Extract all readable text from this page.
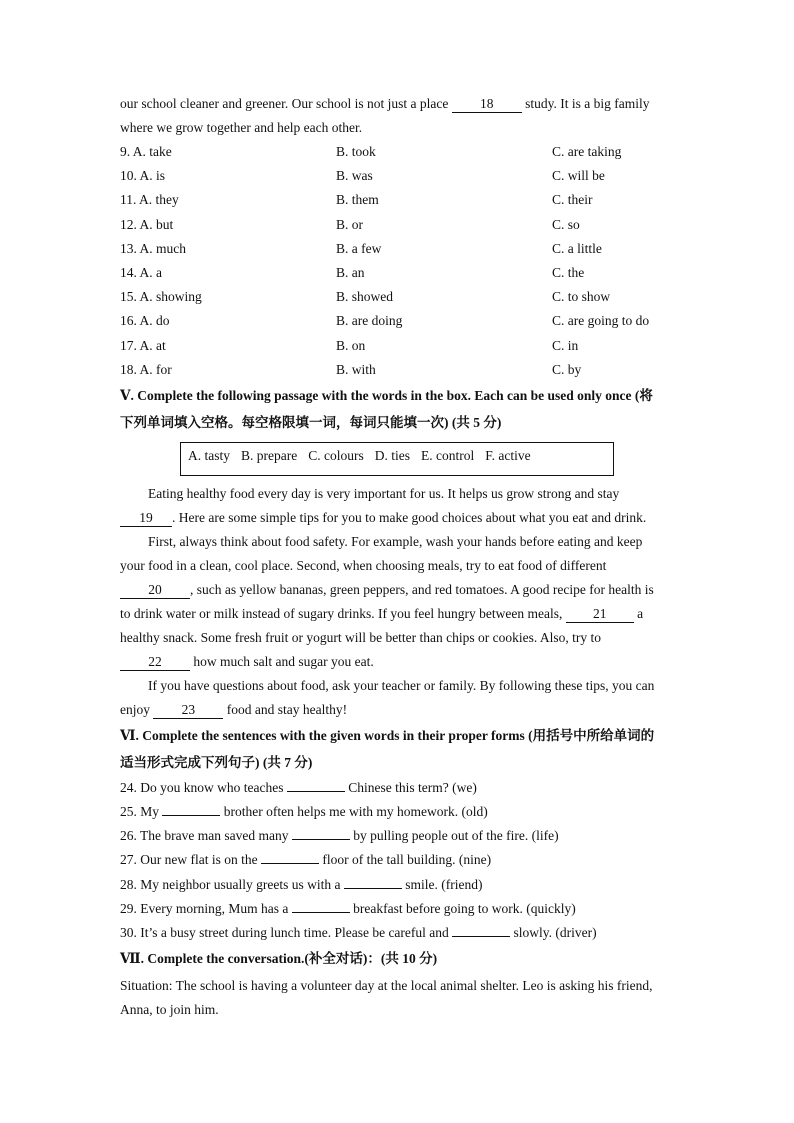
our school cleaner and greener. Our school is not just a place 18 study. It is a big family
where we grow together and help each other.
9. A. take	B. took	C. are taking
10. A. is	B. was	C. will be
11. A. they	B. them	C. their
12. A. but	B. or	C. so
13. A. much	B. a few	C. a little
14. A. a	B. an	C. the
15. A. showing	B. showed	C. to show
16. A. do	B. are doing	C. are going to do
17. A. at	B. on	C. in
18. A. for	B. with	C. by
Ⅴ. Complete the following passage with the words in the box. Each can be used only once (将
下列单词填入空格。每空格限填一词，每词只能填一次) (共 5 分)
A. tasty B. prepare C. colours D. ties E. control F. active
Eating healthy food every day is very important for us. It helps us grow strong and stay
19 . Here are some simple tips for you to make good choices about what you eat and drink.
First, always think about food safety. For example, wash your hands before eating and keep
your food in a clean, cool place. Second, when choosing meals, try to eat food of different
20 , such as yellow bananas, green peppers, and red tomatoes. A good recipe for health is
to drink water or milk instead of sugary drinks. If you feel hungry between meals, 21 a
healthy snack. Some fresh fruit or yogurt will be better than chips or cookies. Also, try to
22 how much salt and sugar you eat.
If you have questions about food, ask your teacher or family. By following these tips, you can
enjoy 23 food and stay healthy!
Ⅵ. Complete the sentences with the given words in their proper forms (用括号中所给单词的
适当形式完成下列句子) (共 7 分)
24. Do you know who teaches	Chinese this term? (we)
25. My	brother often helps me with my homework. (old)
26. The brave man saved many	by pulling people out of the fire. (life)
27. Our new flat is on the	floor of the tall building. (nine)
28. My neighbor usually greets us with a	smile. (friend)
29. Every morning, Mum has a	breakfast before going to work. (quickly)
30. It’s a busy street during lunch time. Please be careful and	slowly. (driver)
Ⅶ. Complete the conversation.(补全对话)：(共 10 分)
Situation: The school is having a volunteer day at the local animal shelter. Leo is asking his friend,
Anna, to join him.
